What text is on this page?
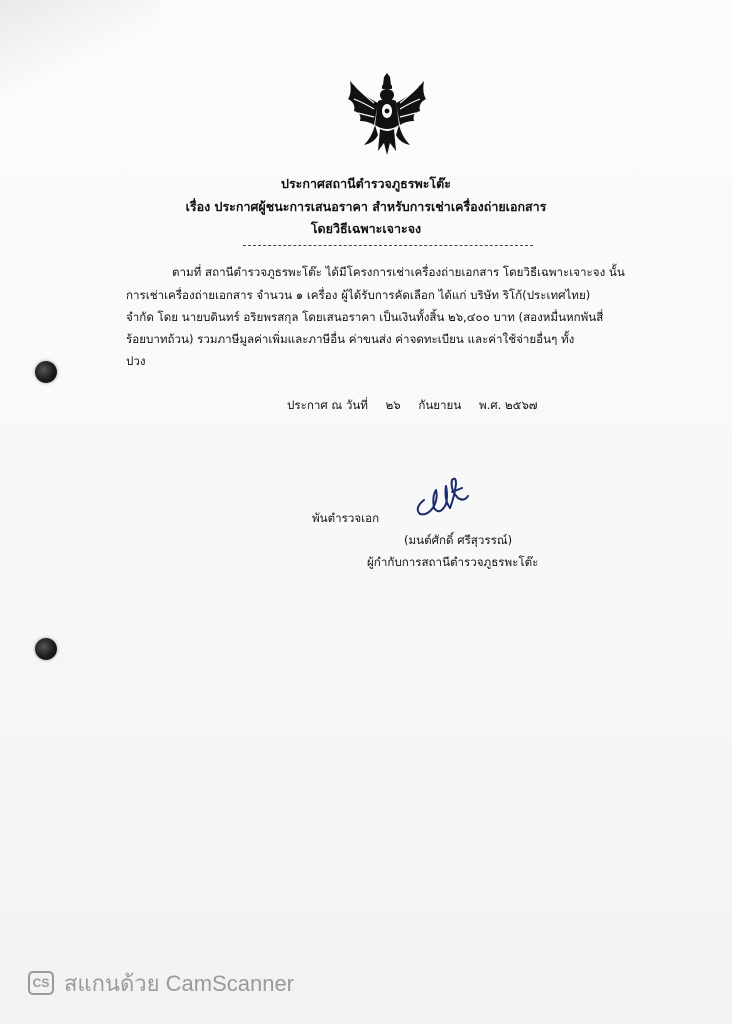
ประกาศสถานีตำรวจภูธรพะโต๊ะ
เรื่อง ประกาศผู้ชนะการเสนอราคา สำหรับการเช่าเครื่องถ่ายเอกสาร
โดยวิธีเฉพาะเจาะจง
ตามที่ สถานีตำรวจภูธรพะโต๊ะ ได้มีโครงการเช่าเครื่องถ่ายเอกสาร โดยวิธีเฉพาะเจาะจง นั้น
การเช่าเครื่องถ่ายเอกสาร จำนวน ๑ เครื่อง ผู้ได้รับการคัดเลือก ได้แก่ บริษัท ริโก้(ประเทศไทย)
จำกัด โดย นายบดินทร์ อริยพรสกุล โดยเสนอราคา เป็นเงินทั้งสิ้น ๒๖,๔๐๐ บาท (สองหมื่นหกพันสี่
ร้อยบาทถ้วน) รวมภาษีมูลค่าเพิ่มและภาษีอื่น ค่าขนส่ง ค่าจดทะเบียน และค่าใช้จ่ายอื่นๆ ทั้ง
ปวง
ประกาศ ณ วันที่ ๒๖ กันยายน พ.ศ. ๒๕๖๗
พันตำรวจเอก
(มนต์ศักดิ์ ศรีสุวรรณ์)
ผู้กำกับการสถานีตำรวจภูธรพะโต๊ะ
CS สแกนด้วย CamScanner
